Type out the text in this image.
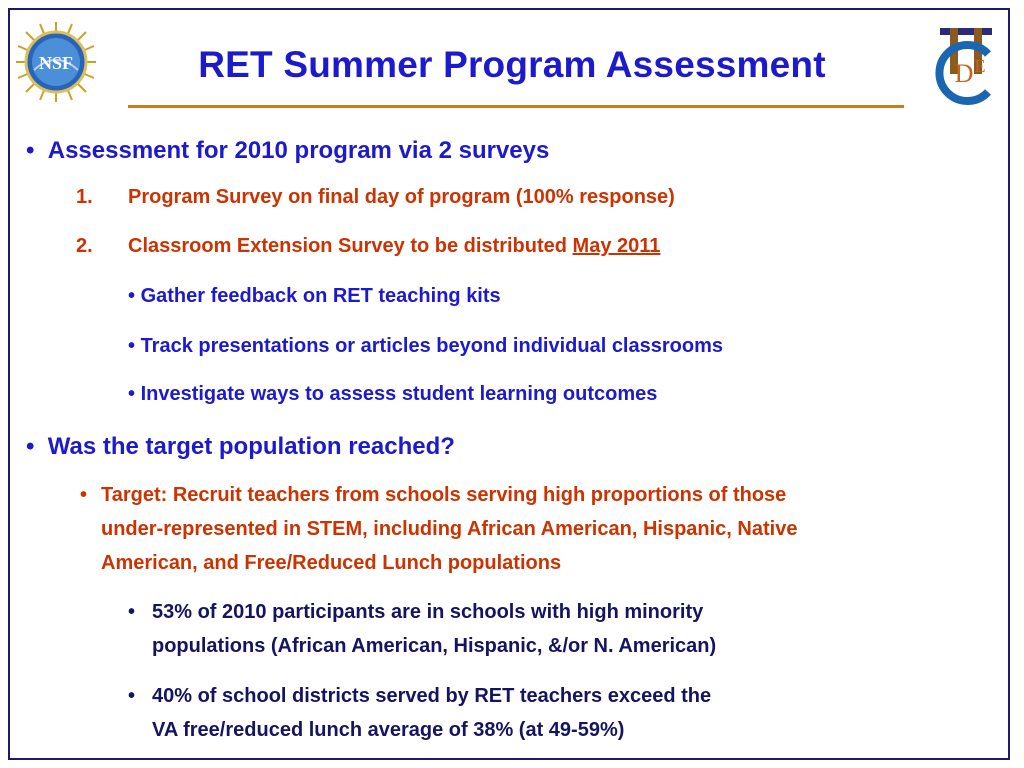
NSF	D E
RET Summer Program Assessment
•  Assessment for 2010 program via 2 surveys
1. Program Survey on final day of program (100% response)
2. Classroom Extension Survey to be distributed May 2011
• Gather feedback on RET teaching kits
• Track presentations or articles beyond individual classrooms
• Investigate ways to assess student learning outcomes
•  Was the target population reached?
• Target: Recruit teachers from schools serving high proportions of those
under-represented in STEM, including African American, Hispanic, Native
American, and Free/Reduced Lunch populations
• 53% of 2010 participants are in schools with high minority
populations (African American, Hispanic, &/or N. American)
• 40% of school districts served by RET teachers exceed the
VA free/reduced lunch average of 38% (at 49-59%)
